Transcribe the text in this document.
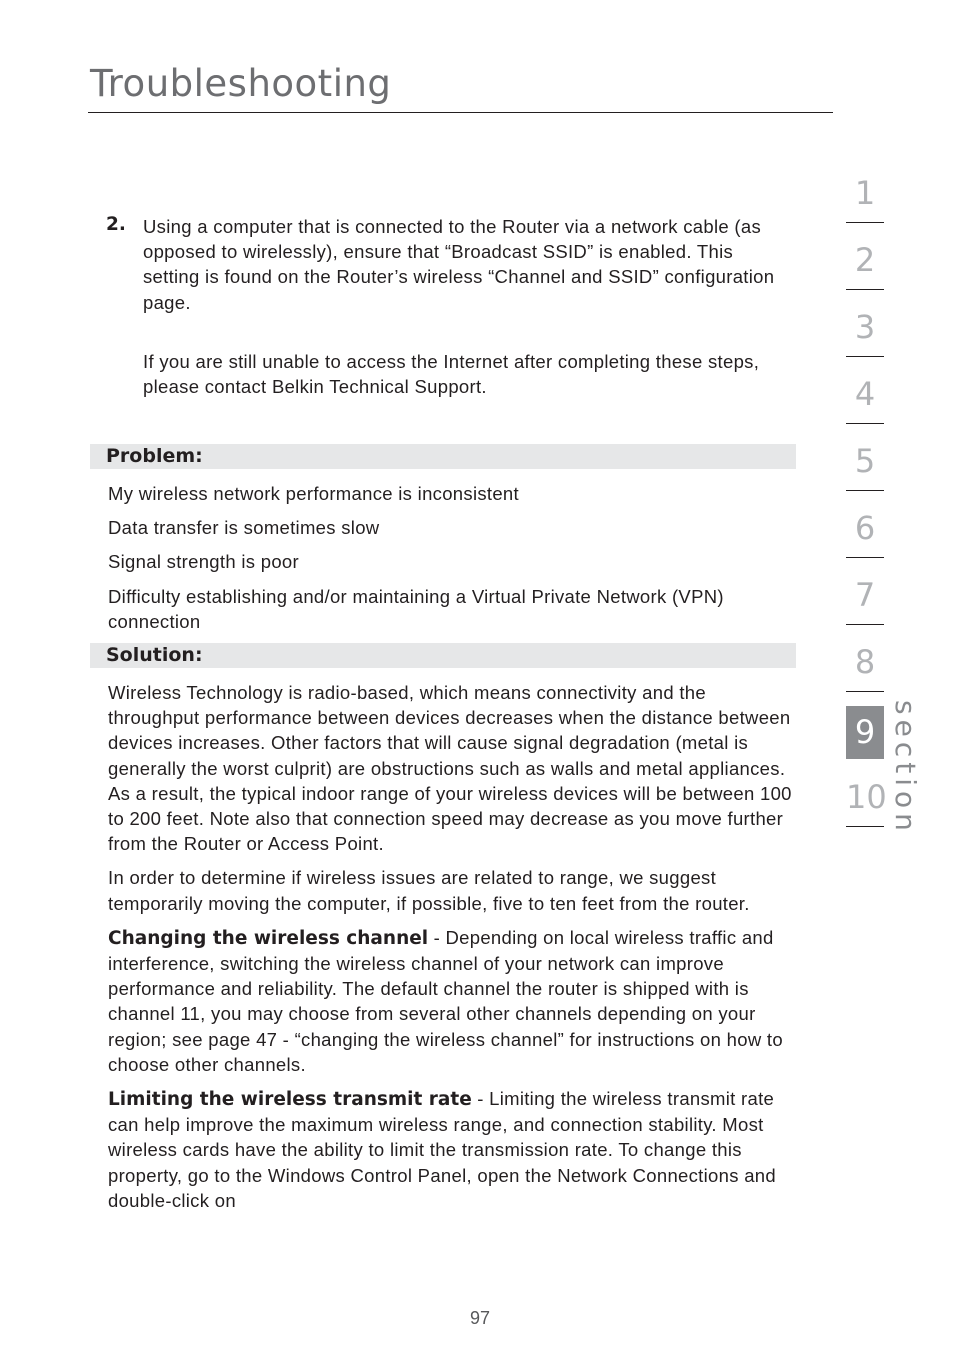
Troubleshooting
2. Using a computer that is connected to the Router via a network cable (as opposed to wirelessly), ensure that “Broadcast SSID” is enabled. This setting is found on the Router’s wireless “Channel and SSID” configuration page.

If you are still unable to access the Internet after completing these steps, please contact Belkin Technical Support.

Problem:

My wireless network performance is inconsistent

Data transfer is sometimes slow

Signal strength is poor

Difficulty establishing and/or maintaining a Virtual Private Network (VPN) connection

Solution:

Wireless Technology is radio-based, which means connectivity and the throughput performance between devices decreases when the distance between devices increases. Other factors that will cause signal degradation (metal is generally the worst culprit) are obstructions such as walls and metal appliances. As a result, the typical indoor range of your wireless devices will be between 100 to 200 feet. Note also that connection speed may decrease as you move further from the Router or Access Point.

In order to determine if wireless issues are related to range, we suggest temporarily moving the computer, if possible, five to ten feet from the router.

Changing the wireless channel - Depending on local wireless traffic and interference, switching the wireless channel of your network can improve performance and reliability. The default channel the router is shipped with is channel 11, you may choose from several other channels depending on your region; see page 47 - “changing the wireless channel” for instructions on how to choose other channels.

Limiting the wireless transmit rate - Limiting the wireless transmit rate can help improve the maximum wireless range, and connection stability. Most wireless cards have the ability to limit the transmission rate. To change this property, go to the Windows Control Panel, open the Network Connections and double-click on

97
1
2
3
4
5
6
7
8
9
10 section
